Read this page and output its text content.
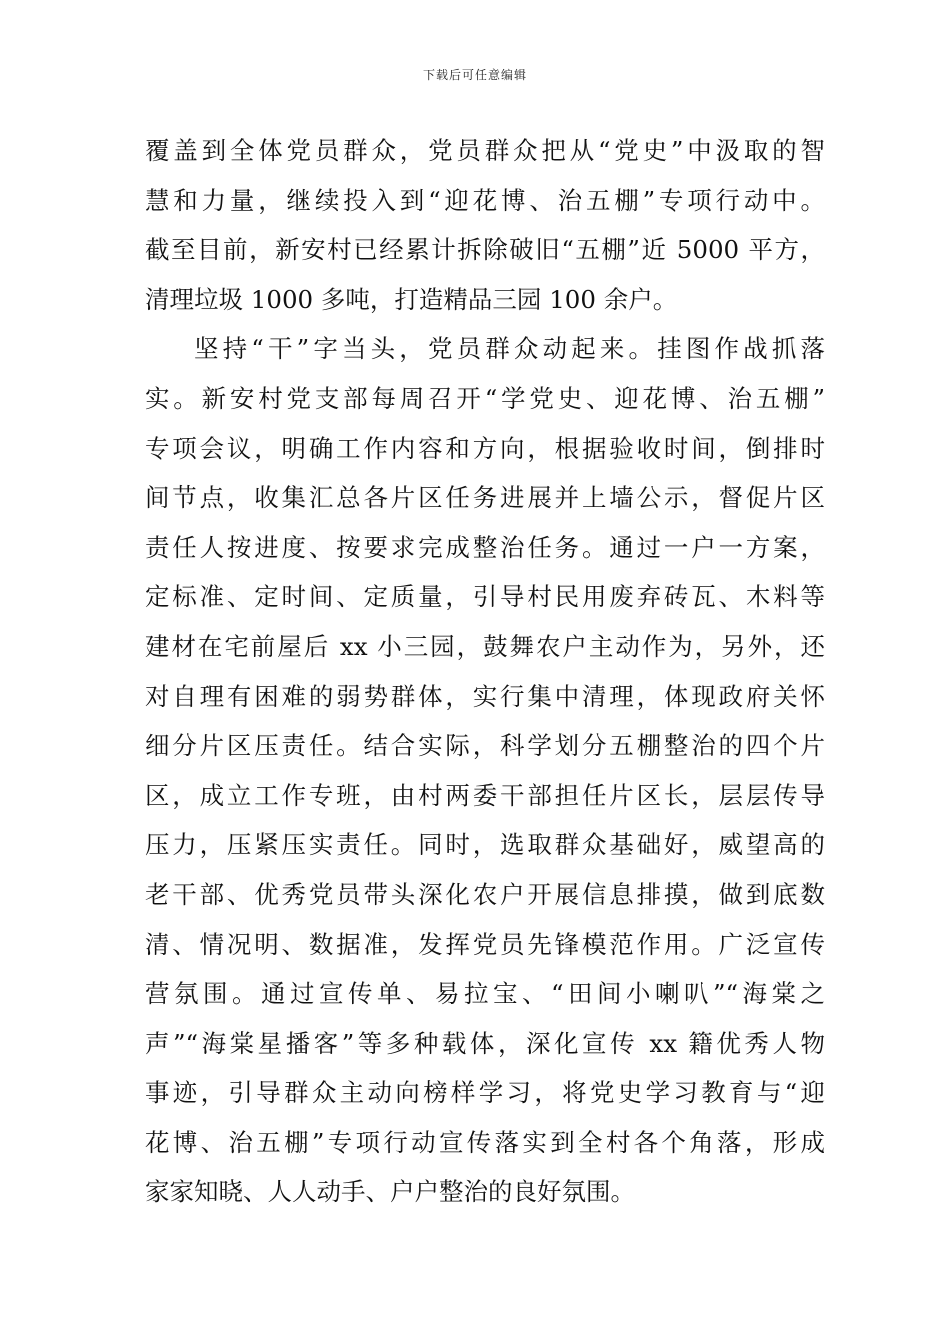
下载后可任意编辑
覆盖到全体党员群众，党员群众把从“党史”中汲取的智
慧和力量，继续投入到“迎花博、治五棚”专项行动中。
截至目前，新安村已经累计拆除破旧“五棚”近 5000 平方，
清理垃圾 1000 多吨，打造精品三园 100 余户。
坚持“干”字当头，党员群众动起来。挂图作战抓落
实。新安村党支部每周召开“学党史、迎花博、治五棚”
专项会议，明确工作内容和方向，根据验收时间，倒排时
间节点，收集汇总各片区任务进展并上墙公示，督促片区
责任人按进度、按要求完成整治任务。通过一户一方案，
定标准、定时间、定质量，引导村民用废弃砖瓦、木料等
建材在宅前屋后 xx 小三园，鼓舞农户主动作为，另外，还
对自理有困难的弱势群体，实行集中清理，体现政府关怀
细分片区压责任。结合实际，科学划分五棚整治的四个片
区，成立工作专班，由村两委干部担任片区长，层层传导
压力，压紧压实责任。同时，选取群众基础好，威望高的
老干部、优秀党员带头深化农户开展信息排摸，做到底数
清、情况明、数据准，发挥党员先锋模范作用。广泛宣传
营氛围。通过宣传单、易拉宝、“田间小喇叭”“海棠之
声”“海棠星播客”等多种载体，深化宣传 xx 籍优秀人物
事迹，引导群众主动向榜样学习，将党史学习教育与“迎
花博、治五棚”专项行动宣传落实到全村各个角落，形成
家家知晓、人人动手、户户整治的良好氛围。
